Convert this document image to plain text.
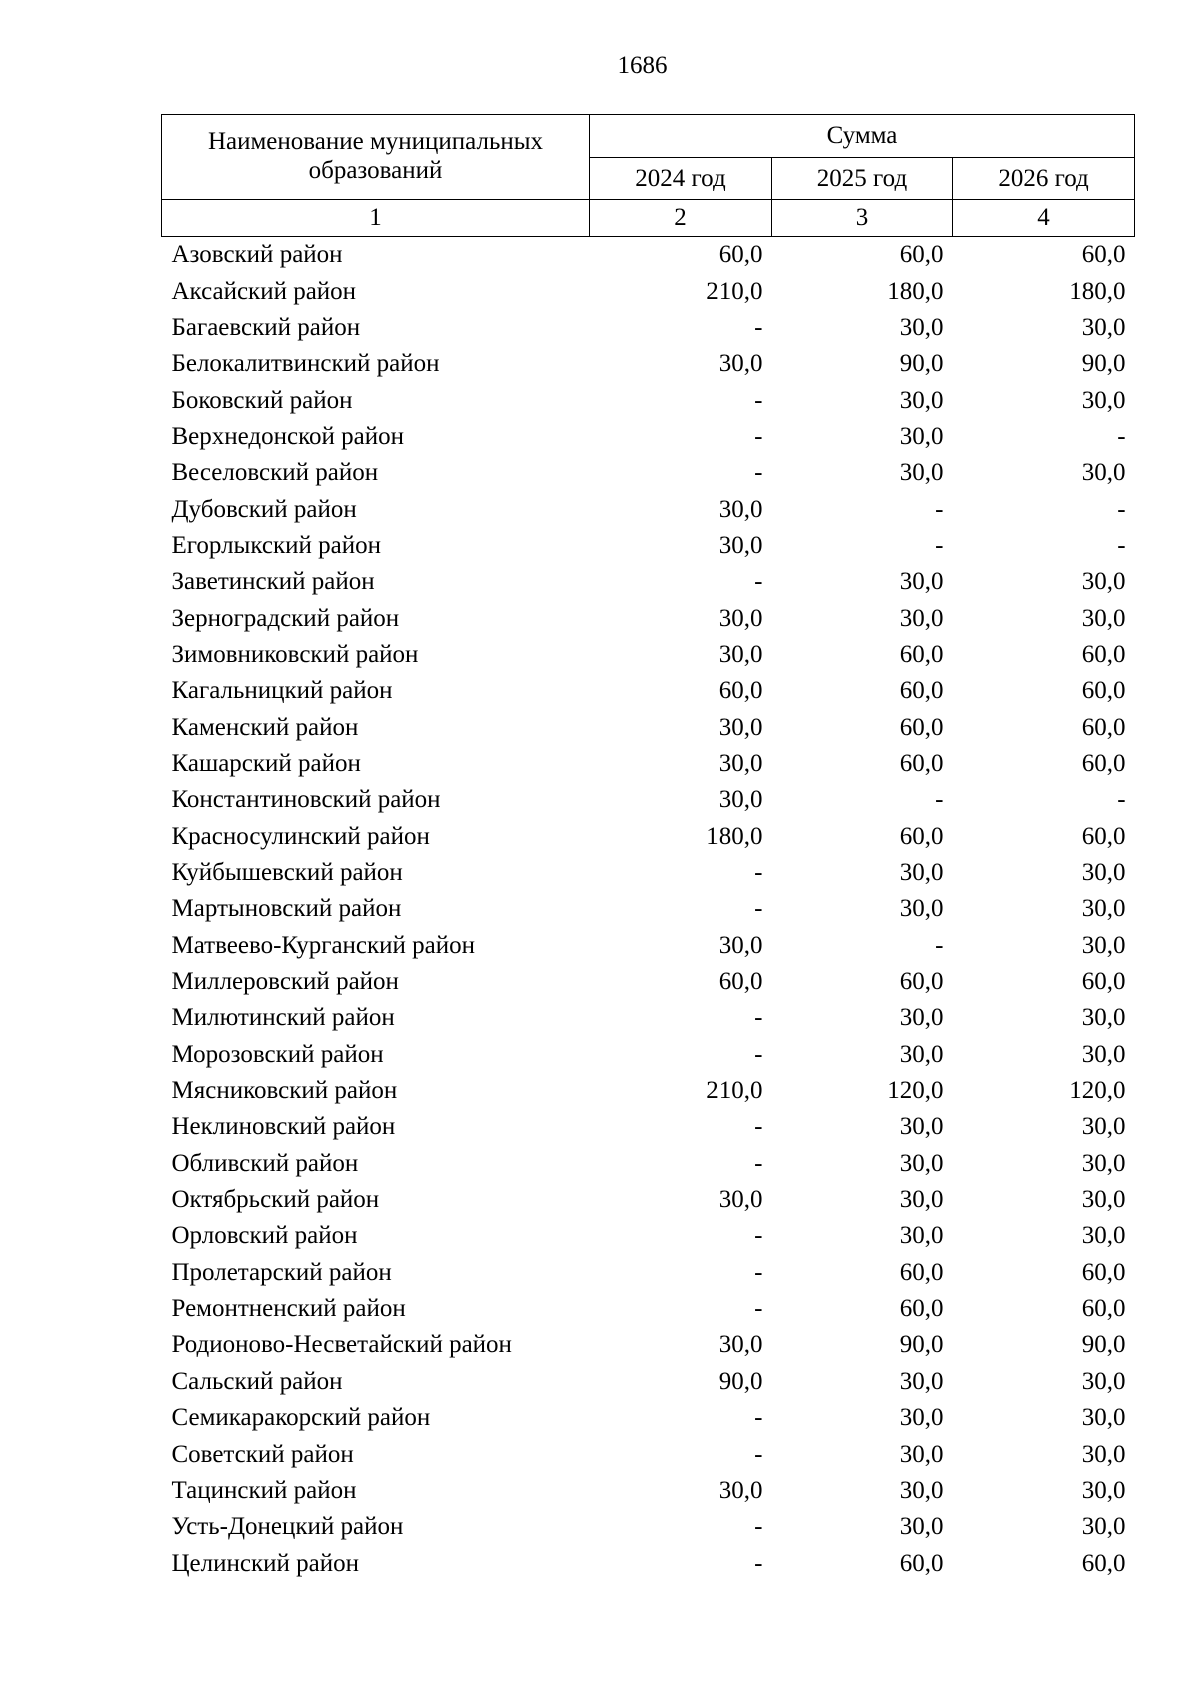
1686
Наименование муниципальных образований	Сумма		
	2024 год	2025 год	2026 год
1	2	3	4
Азовский район	60,0	60,0	60,0
Аксайский район	210,0	180,0	180,0
Багаевский район	-	30,0	30,0
Белокалитвинский район	30,0	90,0	90,0
Боковский район	-	30,0	30,0
Верхнедонской район	-	30,0	-
Веселовский район	-	30,0	30,0
Дубовский район	30,0	-	-
Егорлыкский район	30,0	-	-
Заветинский район	-	30,0	30,0
Зерноградский район	30,0	30,0	30,0
Зимовниковский район	30,0	60,0	60,0
Кагальницкий район	60,0	60,0	60,0
Каменский район	30,0	60,0	60,0
Кашарский район	30,0	60,0	60,0
Константиновский район	30,0	-	-
Красносулинский район	180,0	60,0	60,0
Куйбышевский район	-	30,0	30,0
Мартыновский район	-	30,0	30,0
Матвеево-Курганский район	30,0	-	30,0
Миллеровский район	60,0	60,0	60,0
Милютинский район	-	30,0	30,0
Морозовский район	-	30,0	30,0
Мясниковский район	210,0	120,0	120,0
Неклиновский район	-	30,0	30,0
Обливский район	-	30,0	30,0
Октябрьский район	30,0	30,0	30,0
Орловский район	-	30,0	30,0
Пролетарский район	-	60,0	60,0
Ремонтненский район	-	60,0	60,0
Родионово-Несветайский район	30,0	90,0	90,0
Сальский район	90,0	30,0	30,0
Семикаракорский район	-	30,0	30,0
Советский район	-	30,0	30,0
Тацинский район	30,0	30,0	30,0
Усть-Донецкий район	-	30,0	30,0
Целинский район	-	60,0	60,0
